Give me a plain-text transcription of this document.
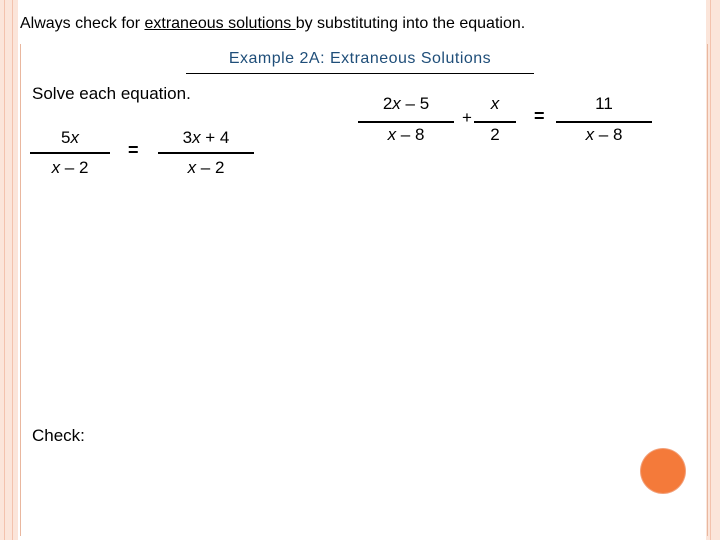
Always check for extraneous solutions by substituting into the equation.
Example 2A: Extraneous Solutions
Solve each equation.
5x
x – 2
=
3x + 4
x – 2
2x – 5
x – 8
+
x
2
=
11
x – 8
Check:
